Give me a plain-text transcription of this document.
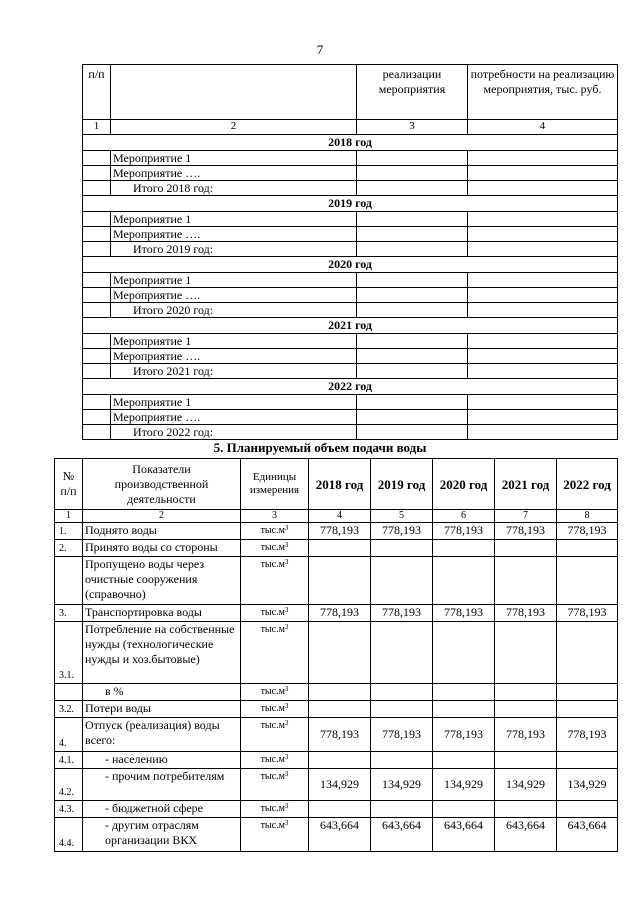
7
п/п		реализации мероприятия	потребности на реализацию мероприятия, тыс. руб.
1	2	3	4
2018 год			
	Мероприятие 1		
	Мероприятие ….		
	Итого 2018 год:		
2019 год			
	Мероприятие 1		
	Мероприятие ….		
	Итого 2019 год:		
2020 год			
	Мероприятие 1		
	Мероприятие ….		
	Итого 2020 год:		
2021 год			
	Мероприятие 1		
	Мероприятие ….		
	Итого 2021 год:		
2022 год			
	Мероприятие 1		
	Мероприятие ….		
	Итого 2022 год:		
5. Планируемый объем подачи воды
№ п/п	Показатели производственной деятельности	Единицы измерения	2018 год	2019 год	2020 год	2021 год	2022 год
1	2	3	4	5	6	7	8
1.	Поднято воды	$тыс.м^3$	778,193	778,193	778,193	778,193	778,193
2.	Принято воды со стороны	$тыс.м^3$					
	Пропущено воды через очистные сооружения (справочно)	$тыс.м^3$					
3.	Транспортировка воды	$тыс.м^3$	778,193	778,193	778,193	778,193	778,193
3.1.	Потребление на собственные нужды (технологические нужды и хоз.бытовые)	$тыс.м^3$					
	в %	$тыс.м^3$					
3.2.	Потери воды	$тыс.м^3$					
4.	Отпуск (реализация) воды всего:	$тыс.м^3$	778,193	778,193	778,193	778,193	778,193
4.1.	- населению	$тыс.м^3$					
4.2.	- прочим потребителям	$тыс.м^3$	134,929	134,929	134,929	134,929	134,929
4.3.	- бюджетной сфере	$тыс.м^3$					
4.4.	- другим отраслям организации ВКХ	$тыс.м^3$	643,664	643,664	643,664	643,664	643,664
